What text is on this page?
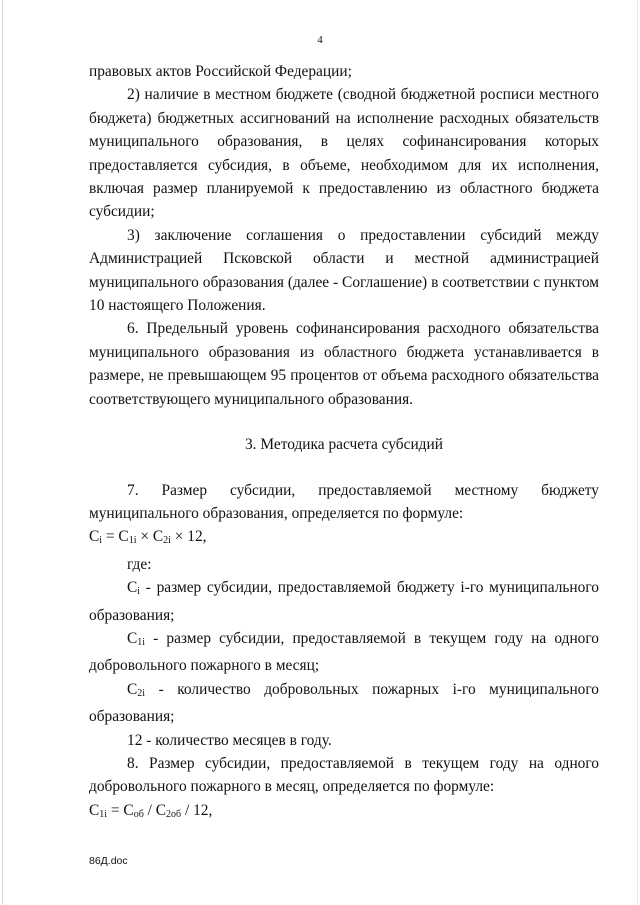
4

правовых актов Российской Федерации;

2) наличие в местном бюджете (сводной бюджетной росписи местного бюджета) бюджетных ассигнований на исполнение расходных обязательств муниципального образования, в целях софинансирования которых предоставляется субсидия, в объеме, необходимом для их исполнения, включая размер планируемой к предоставлению из областного бюджета субсидии;

3) заключение соглашения о предоставлении субсидий между Администрацией Псковской области и местной администрацией муниципального образования (далее - Соглашение) в соответствии с пунктом 10 настоящего Положения.

6. Предельный уровень софинансирования расходного обязательства муниципального образования из областного бюджета устанавливается в размере, не превышающем 95 процентов от объема расходного обязательства соответствующего муниципального образования.

3. Методика расчета субсидий

7. Размер субсидии, предоставляемой местному бюджету муниципального образования, определяется по формуле:

$C_i = C_{1i} \times C_{2i} \times 12$,

где:

$C_i$ - размер субсидии, предоставляемой бюджету i-го муниципального образования;

$C_{1i}$ - размер субсидии, предоставляемой в текущем году на одного добровольного пожарного в месяц;

$C_{2i}$ - количество добровольных пожарных i-го муниципального образования;

12 - количество месяцев в году.

8. Размер субсидии, предоставляемой в текущем году на одного добровольного пожарного в месяц, определяется по формуле:

$C_{1i} = C_{об} / C_{2об} / 12$,

86Д.doc
